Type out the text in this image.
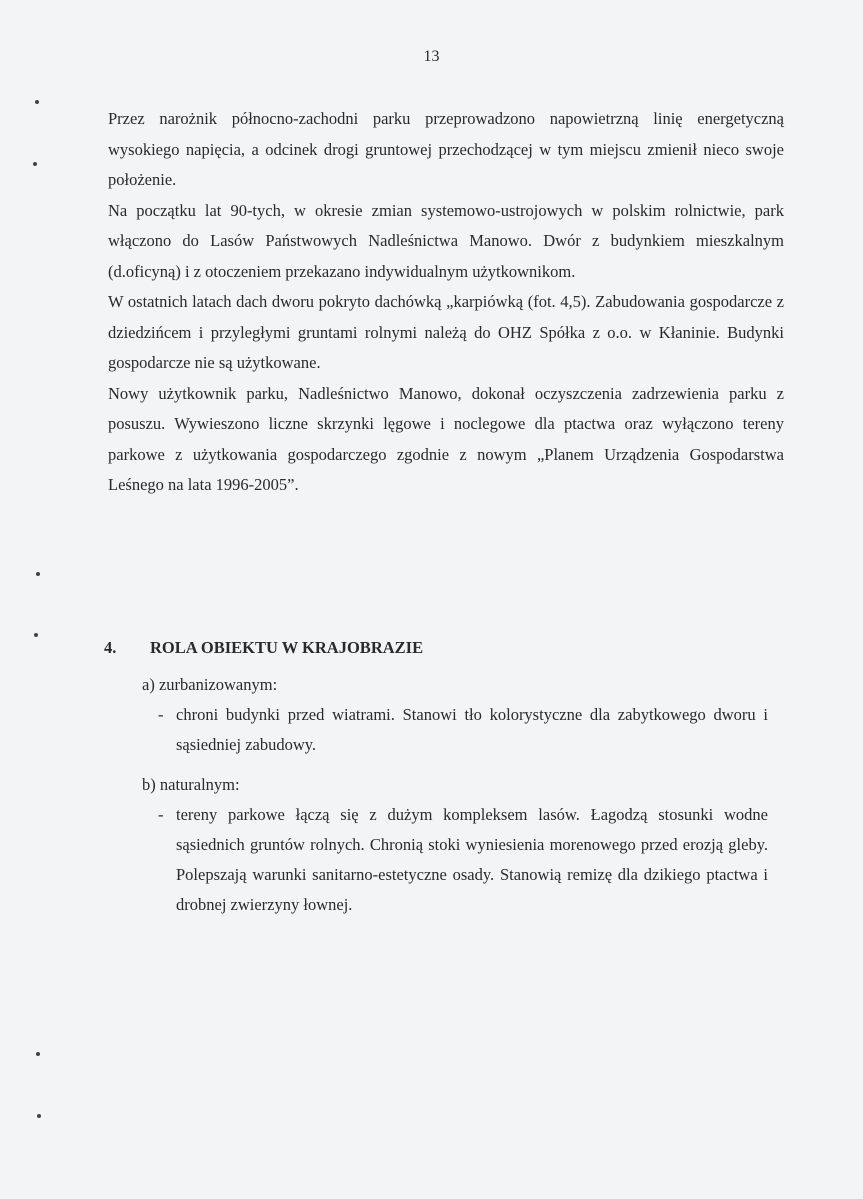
13

Przez narożnik północno-zachodni parku przeprowadzono napowietrzną linię energetyczną wysokiego napięcia, a odcinek drogi gruntowej przechodzącej w tym miejscu zmienił nieco swoje położenie.

Na początku lat 90-tych, w okresie zmian systemowo-ustrojowych w polskim rolnictwie, park włączono do Lasów Państwowych Nadleśnictwa Manowo. Dwór z budynkiem mieszkalnym (d.oficyną) i z otoczeniem przekazano indywidualnym użytkownikom.

W ostatnich latach dach dworu pokryto dachówką „karpiówką (fot. 4,5). Zabudowania gospodarcze z dziedzińcem i przyległymi gruntami rolnymi należą do OHZ Spółka z o.o. w Kłaninie. Budynki gospodarcze nie są użytkowane.

Nowy użytkownik parku, Nadleśnictwo Manowo, dokonał oczyszczenia zadrzewienia parku z posuszu. Wywieszono liczne skrzynki lęgowe i noclegowe dla ptactwa oraz wyłączono tereny parkowe z użytkowania gospodarczego zgodnie z nowym „Planem Urządzenia Gospodarstwa Leśnego na lata 1996-2005”.

4.	ROLA OBIEKTU W KRAJOBRAZIE
a) zurbanizowanym:
- chroni budynki przed wiatrami. Stanowi tło kolorystyczne dla zabytkowego dworu i sąsiedniej zabudowy.
b) naturalnym:
- tereny parkowe łączą się z dużym kompleksem lasów. Łagodzą stosunki wodne sąsiednich gruntów rolnych. Chronią stoki wyniesienia morenowego przed erozją gleby. Polepszają warunki sanitarno-estetyczne osady. Stanowią remizę dla dzikiego ptactwa i drobnej zwierzyny łownej.
